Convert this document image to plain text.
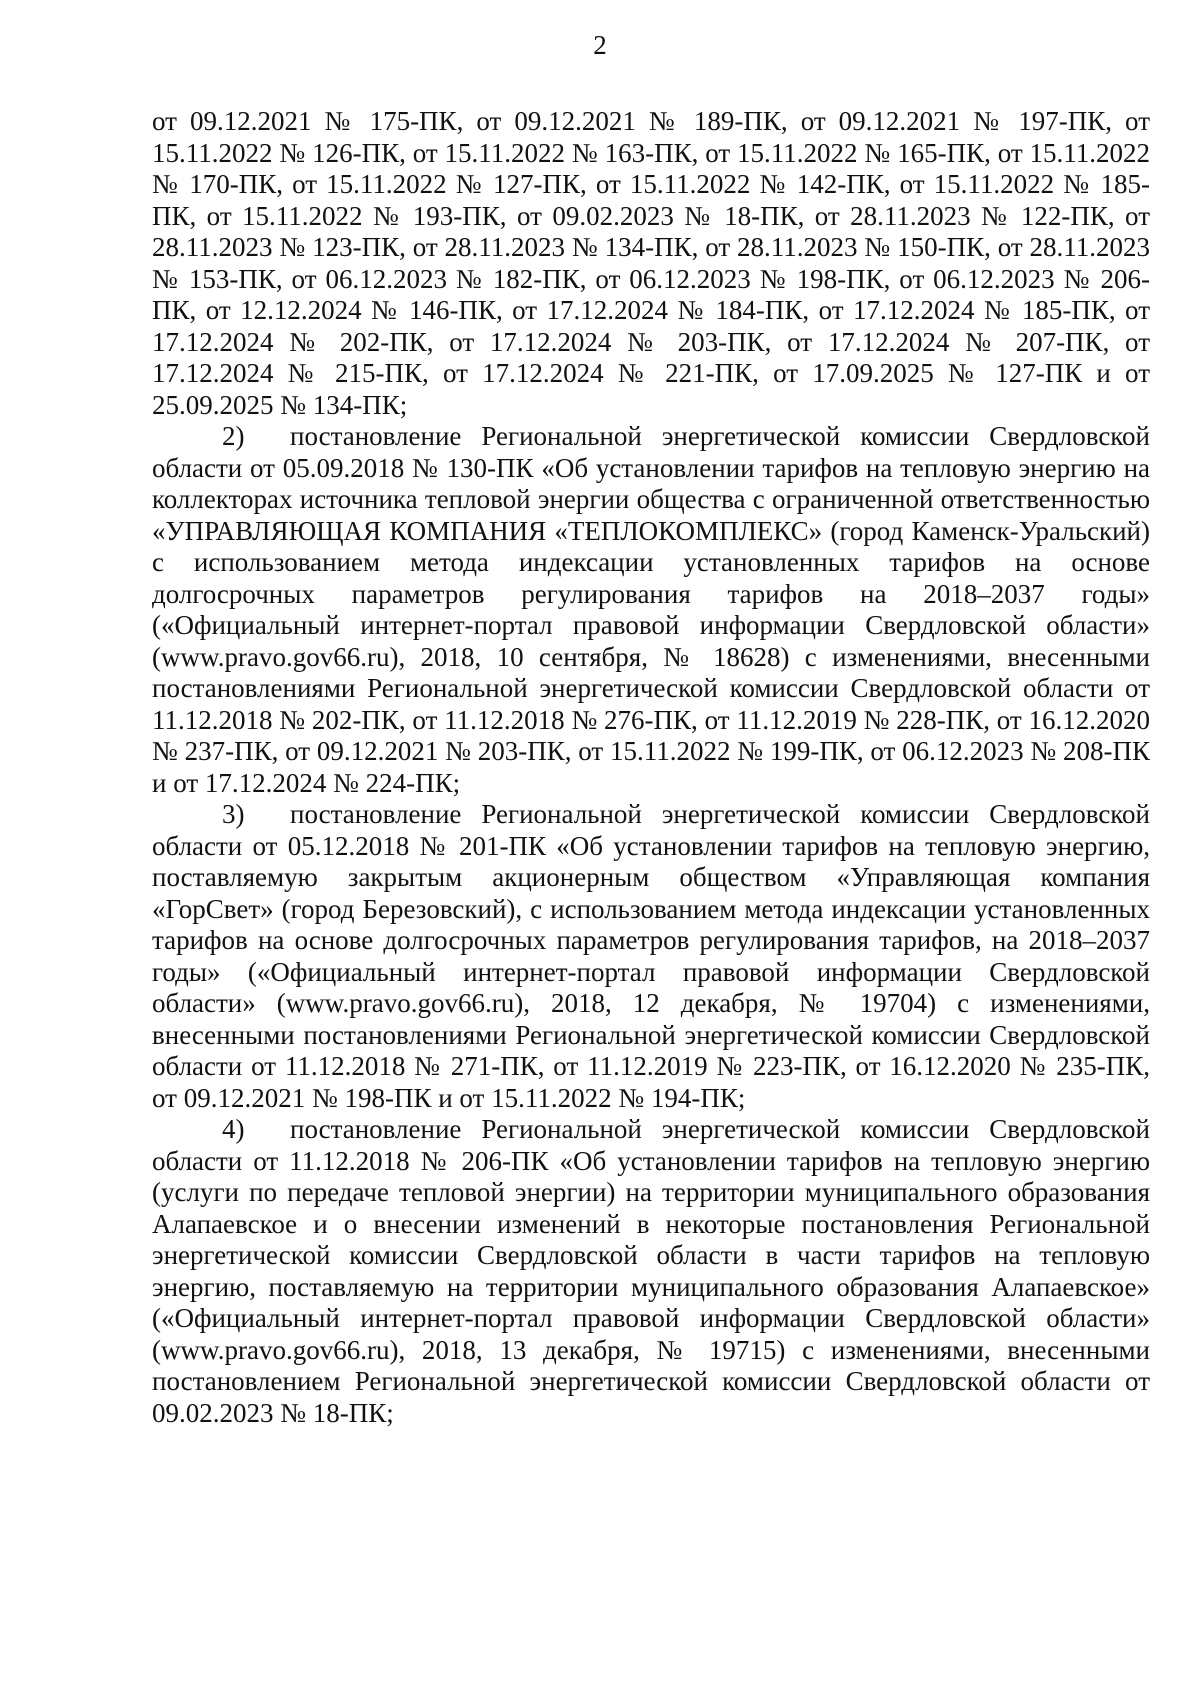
2

от 09.12.2021 № 175-ПК, от 09.12.2021 № 189-ПК, от 09.12.2021 № 197-ПК, от 15.11.2022 № 126-ПК, от 15.11.2022 № 163-ПК, от 15.11.2022 № 165-ПК, от 15.11.2022 № 170-ПК, от 15.11.2022 № 127-ПК, от 15.11.2022 № 142-ПК, от 15.11.2022 № 185-ПК, от 15.11.2022 № 193-ПК, от 09.02.2023 № 18-ПК, от 28.11.2023 № 122-ПК, от 28.11.2023 № 123-ПК, от 28.11.2023 № 134-ПК, от 28.11.2023 № 150-ПК, от 28.11.2023 № 153-ПК, от 06.12.2023 № 182-ПК, от 06.12.2023 № 198-ПК, от 06.12.2023 № 206-ПК, от 12.12.2024 № 146-ПК, от 17.12.2024 № 184-ПК, от 17.12.2024 № 185-ПК, от 17.12.2024 № 202-ПК, от 17.12.2024 № 203-ПК, от 17.12.2024 № 207-ПК, от 17.12.2024 № 215-ПК, от 17.12.2024 № 221-ПК, от 17.09.2025 № 127-ПК и от 25.09.2025 № 134-ПК;

2) постановление Региональной энергетической комиссии Свердловской области от 05.09.2018 № 130-ПК «Об установлении тарифов на тепловую энергию на коллекторах источника тепловой энергии общества с ограниченной ответственностью «УПРАВЛЯЮЩАЯ КОМПАНИЯ «ТЕПЛОКОМПЛЕКС» (город Каменск-Уральский) с использованием метода индексации установленных тарифов на основе долгосрочных параметров регулирования тарифов на 2018–2037 годы» («Официальный интернет-портал правовой информации Свердловской области» (www.pravo.gov66.ru), 2018, 10 сентября, № 18628) с изменениями, внесенными постановлениями Региональной энергетической комиссии Свердловской области от 11.12.2018 № 202-ПК, от 11.12.2018 № 276-ПК, от 11.12.2019 № 228-ПК, от 16.12.2020 № 237-ПК, от 09.12.2021 № 203-ПК, от 15.11.2022 № 199-ПК, от 06.12.2023 № 208-ПК и от 17.12.2024 № 224-ПК;

3) постановление Региональной энергетической комиссии Свердловской области от 05.12.2018 № 201-ПК «Об установлении тарифов на тепловую энергию, поставляемую закрытым акционерным обществом «Управляющая компания «ГорСвет» (город Березовский), с использованием метода индексации установленных тарифов на основе долгосрочных параметров регулирования тарифов, на 2018–2037 годы» («Официальный интернет-портал правовой информации Свердловской области» (www.pravo.gov66.ru), 2018, 12 декабря, № 19704) с изменениями, внесенными постановлениями Региональной энергетической комиссии Свердловской области от 11.12.2018 № 271-ПК, от 11.12.2019 № 223-ПК, от 16.12.2020 № 235-ПК, от 09.12.2021 № 198-ПК и от 15.11.2022 № 194-ПК;

4) постановление Региональной энергетической комиссии Свердловской области от 11.12.2018 № 206-ПК «Об установлении тарифов на тепловую энергию (услуги по передаче тепловой энергии) на территории муниципального образования Алапаевское и о внесении изменений в некоторые постановления Региональной энергетической комиссии Свердловской области в части тарифов на тепловую энергию, поставляемую на территории муниципального образования Алапаевское» («Официальный интернет-портал правовой информации Свердловской области» (www.pravo.gov66.ru), 2018, 13 декабря, № 19715) с изменениями, внесенными постановлением Региональной энергетической комиссии Свердловской области от 09.02.2023 № 18-ПК;
